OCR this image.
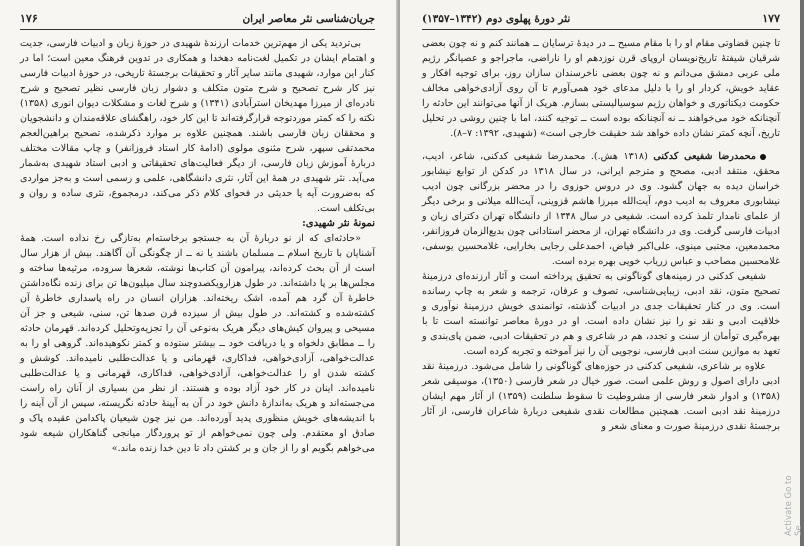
جریان‌شناسی نثر معاصر ایران
۱۷۶

بی‌تردید یکی از مهم‌ترین خدمات ارزندهٔ شهیدی در حوزهٔ زبان و ادبیات فارسی، جدیت و اهتمام ایشان در تکمیل لغت‌نامه دهخدا و همکاری در تدوین فرهنگ معین است؛ اما در کنار این موارد، شهیدی مانند سایر آثار و تحقیقات برجستهٔ تاریخی، در حوزهٔ ادبیات فارسی نیز کار شرح تصحیح و شرح متون متکلف و دشوار زبان فارسی نظیر تصحیح و شرح نادره‌ای از میرزا مهدیخان استرآبادی (۱۳۴۱) و شرح لغات و مشکلات دیوان انوری (۱۳۵۸) نکته را که کمتر موردتوجه قرارگرفته‌اند تا این کار خود، راهگشای علاقه‌مندان و دانشجویان و محققان زبان فارسی باشند. همچنین علاوه بر موارد ذکرشده، تصحیح براهین‌العجم محمدتقی سپهر، شرح مثنوی مولوی (ادامهٔ کار استاد فروزانفر) و چاپ مقالات مختلف دربارهٔ آموزش زبان فارسی، از دیگر فعالیت‌های تحقیقاتی و ادبی استاد شهیدی به‌شمار می‌آید. نثر شهیدی در همهٔ این آثار، نثری دانشگاهی، علمی و رسمی است و به‌جز مواردی که به‌ضرورت آیه یا حدیثی در فحوای کلام ذکر می‌کند، درمجموع، نثری ساده و روان و بی‌تکلف است.

نمونهٔ نثر شهیدی:

«حادثه‌ای که از نو دربارهٔ آن به جستجو برخاسته‌ام به‌تازگی رخ نداده است. همهٔ آشنایان با تاریخ اسلام ــ مسلمان باشند یا نه ــ از چگونگی آن آگاهند. بیش از هزار سال است از آن بحث کرده‌اند، پیرامون آن کتاب‌ها نوشته، شعرها سروده، مرثیه‌ها ساخته و مجلس‌ها بر پا داشته‌اند. در طول هزارویکصدوچند سال میلیون‌ها تن برای زنده نگاه‌داشتن خاطرهٔ آن گرد هم آمده، اشک ریخته‌اند. هزاران انسان در راه پاسداری خاطرهٔ آن کشته‌شده و کشته‌اند. در طول بیش از سیزده قرن صدها تن، سنی، شیعی و جز آن مسیحی و پیروان کیش‌های دیگر هریک به‌نوعی آن را تجزیه‌وتحلیل کرده‌اند. قهرمان حادثه را ــ مطابق دلخواه و یا دریافت خود ــ بیشتر ستوده و کمتر نکوهیده‌اند. گروهی او را به عدالت‌خواهی، آزادی‌خواهی، فداکاری، قهرمانی و یا عدالت‌طلبی نامیده‌اند. کوشش و کشته شدن او را عدالت‌خواهی، آزادی‌خواهی، فداکاری، قهرمانی و یا عدالت‌طلبی نامیده‌اند. اینان در کار خود آزاد بوده و هستند. از نظر من بسیاری از آنان راه راست می‌جسته‌اند و هریک به‌اندازهٔ دانش خود در آن به آیینهٔ حادثه نگریسته، سپس از آن آینه را با اندیشه‌های خویش منظوری پدید آورده‌اند. من نیز چون شیعیان پاکدامن عقیده پاک و صادق او معتقدم. ولی چون نمی‌خواهم از تو پروردگار میانجی گناهکاران شیعه شود می‌خواهم بگویم او را از جان و بر کشتن داد تا دین خدا زنده ماند.»

۱۷۷
نثر دورهٔ پهلوی دوم (۱۳۴۲–۱۳۵۷)

تا چنین قضاوتی مقام او را با مقام مسیح ــ در دیدهٔ ترسایان ــ همانند کنم و نه چون بعضی شرقیان شیفتهٔ تاریخ‌نویسان اروپای قرن نوزدهم او را ناراضی، ماجراجو و عصیانگر رژیم ملی عربی دمشق می‌دانم و نه چون بعضی ناخرسندان سازان روز، برای توجیه افکار و عقاید خویش، کردار او را با دلیل مدعای خود همی‌آورم تا آن روی آزادی‌خواهی مخالف حکومت دیکتاتوری و خواهان رژیم سوسیالیستی بسازم. هریک از آنها می‌توانند این حادثه را آنچنانکه خود می‌خواهند ــ نه آنچنانکه بوده است ــ توجیه کنند، اما با چنین روشی در تحلیل تاریخ، آنچه کمتر نشان داده خواهد شد حقیقت خارجی است» (شهیدی، ۱۳۹۲: ۷–۸).

محمدرضا شفیعی کدکنی (۱۳۱۸ هش.). محمدرضا شفیعی کدکنی، شاعر، ادیب، محقق، منتقد ادبی، مصحح و مترجم ایرانی، در سال ۱۳۱۸ در کدکن از توابع نیشابور خراسان دیده به جهان گشود. وی در دروس حوزوی را در محضر بزرگانی چون ادیب نیشابوری معروف به ادیب دوم، آیت‌الله میرزا هاشم قزوینی، آیت‌الله میلانی و برخی دیگر از علمای نامدار تلمذ کرده است. شفیعی در سال ۱۳۴۸ از دانشگاه تهران دکترای زبان و ادبیات فارسی گرفت. وی در دانشگاه تهران، از محضر استادانی چون بدیع‌الزمان فروزانفر، محمدمعین، مجتبی مینوی، علی‌اکبر فیاض، احمدعلی رجایی بخارایی، غلامحسین یوسفی، غلامحسین مصاحب و عباس زریاب خویی بهره برده است.

شفیعی کدکنی در زمینه‌های گوناگونی به تحقیق پرداخته است و آثار ارزنده‌ای درزمینهٔ تصحیح متون، نقد ادبی، زیبایی‌شناسی، تصوف و عرفان، ترجمه و شعر به چاپ رسانده است. وی در کنار تحقیقات جدی در ادبیات گذشته، توانمندی خویش درزمینهٔ نوآوری و خلاقیت ادبی و نقد نو را نیز نشان داده است. او در دورهٔ معاصر توانسته است تا با بهره‌گیری توأمان از سنت و تجدد، هم در شاعری و هم در تحقیقات ادبی، ضمن پای‌بندی و تعهد به موازین سنت ادبی فارسی، نوجویی آن را نیز آموخته و تجربه کرده است.

علاوه بر شاعری، شفیعی کدکنی در حوزه‌های گوناگونی را شامل می‌شود. درزمینهٔ نقد ادبی دارای اصول و روش علمی است. صور خیال در شعر فارسی (۱۳۵۰)، موسیقی شعر (۱۳۵۸) و ادوار شعر فارسی از مشروطیت تا سقوط سلطنت (۱۳۵۹) از آثار مهم ایشان درزمینهٔ نقد ادبی است. همچنین مطالعات نقدی شفیعی دربارهٔ شاعران فارسی، از آثار برجستهٔ نقدی درزمینهٔ صورت و معنای شعر و

Activate Go to Se
